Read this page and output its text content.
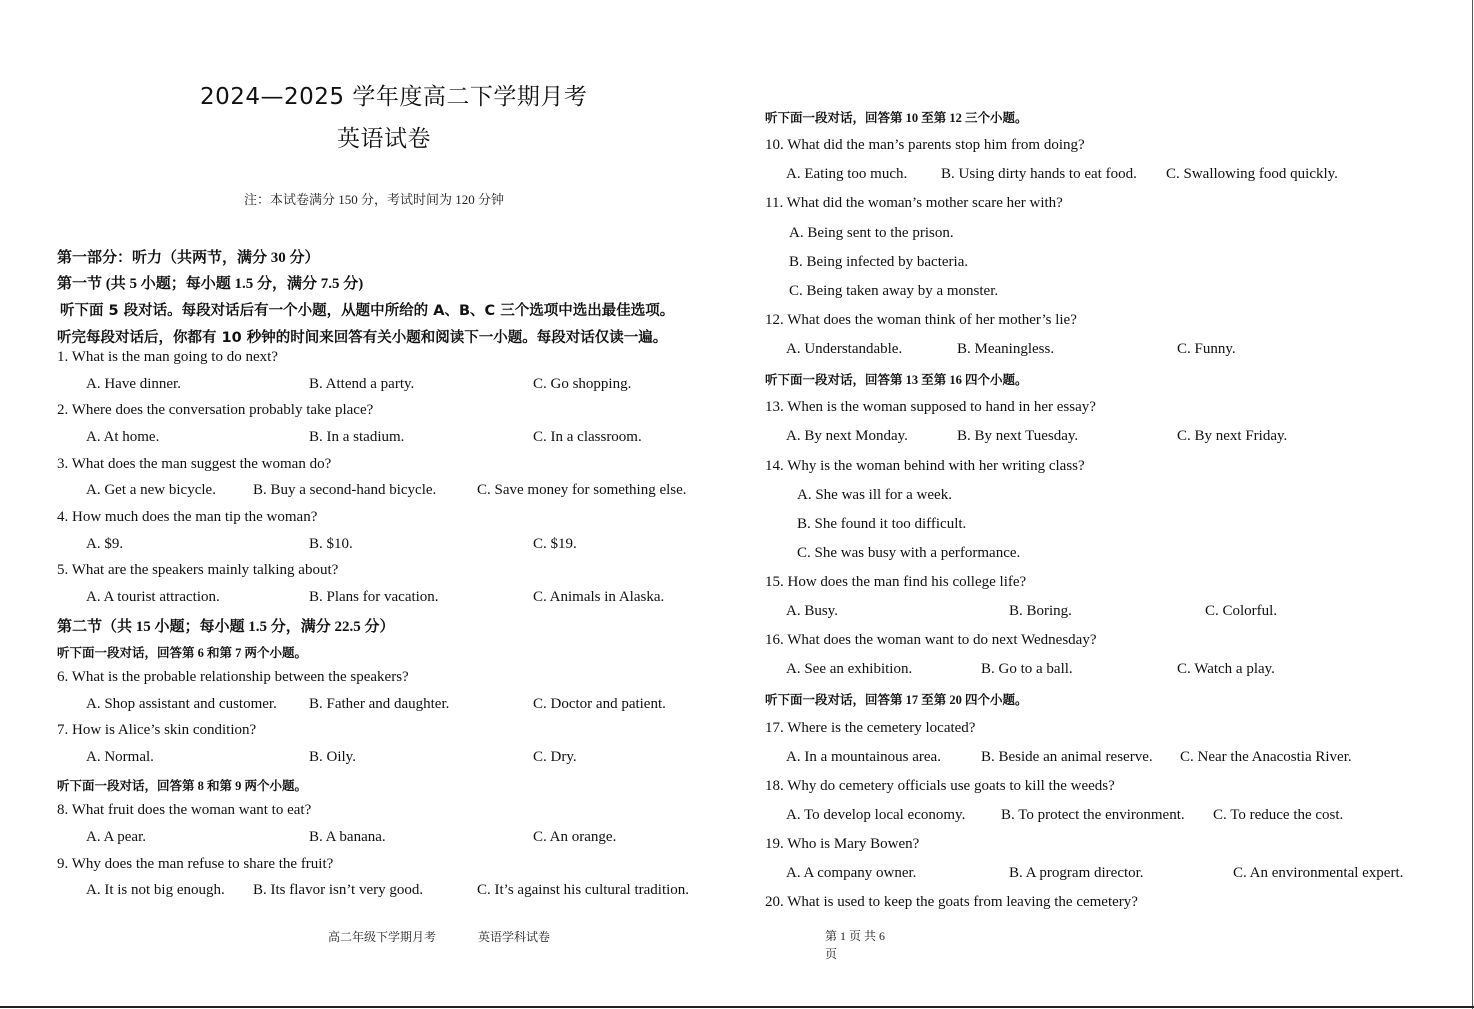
2024—2025 学年度高二下学期月考
英语试卷
注：本试卷满分 150 分，考试时间为 120 分钟
第一部分：听力（共两节，满分 30 分）
第一节 (共 5 小题；每小题 1.5 分，满分 7.5 分)
听下面 5 段对话。每段对话后有一个小题，从题中所给的 A、B、C 三个选项中选出最佳选项。
听完每段对话后，你都有 10 秒钟的时间来回答有关小题和阅读下一小题。每段对话仅读一遍。
1. What is the man going to do next?
A. Have dinner.	B. Attend a party.	C. Go shopping.
2. Where does the conversation probably take place?
A. At home.	B. In a stadium.	C. In a classroom.
3. What does the man suggest the woman do?
A. Get a new bicycle. B. Buy a second-hand bicycle.	C. Save money for something else.
4. How much does the man tip the woman?
A. $9.	B. $10.	C. $19.
5. What are the speakers mainly talking about?
A. A tourist attraction.	B. Plans for vacation.	C. Animals in Alaska.
第二节（共 15 小题；每小题 1.5 分，满分 22.5 分）
听下面一段对话，回答第 6 和第 7 两个小题。
6. What is the probable relationship between the speakers?
A. Shop assistant and customer. B. Father and daughter.	C. Doctor and patient.
7. How is Alice’s skin condition?
A. Normal.	B. Oily.	C. Dry.
听下面一段对话，回答第 8 和第 9 两个小题。
8. What fruit does the woman want to eat?
A. A pear.	B. A banana.	C. An orange.
9. Why does the man refuse to share the fruit?
A. It is not big enough. B. Its flavor isn’t very good.	C. It’s against his cultural tradition.
听下面一段对话，回答第 10 至第 12 三个小题。
10. What did the man’s parents stop him from doing?
A. Eating too much. B. Using dirty hands to eat food. C. Swallowing food quickly.
11. What did the woman’s mother scare her with?
A. Being sent to the prison.
B. Being infected by bacteria.
C. Being taken away by a monster.
12. What does the woman think of her mother’s lie?
A. Understandable.	B. Meaningless.	C. Funny.
听下面一段对话，回答第 13 至第 16 四个小题。
13. When is the woman supposed to hand in her essay?
A. By next Monday.	B. By next Tuesday.	C. By next Friday.
14. Why is the woman behind with her writing class?
A. She was ill for a week.
B. She found it too difficult.
C. She was busy with a performance.
15. How does the man find his college life?
A. Busy.	B. Boring.	C. Colorful.
16. What does the woman want to do next Wednesday?
A. See an exhibition.	B. Go to a ball.	C. Watch a play.
听下面一段对话，回答第 17 至第 20 四个小题。
17. Where is the cemetery located?
A. In a mountainous area.	B. Beside an animal reserve. C. Near the Anacostia River.
18. Why do cemetery officials use goats to kill the weeds?
A. To develop local economy. B. To protect the environment. C. To reduce the cost.
19. Who is Mary Bowen?
A. A company owner.	B. A program director.	C. An environmental expert.
20. What is used to keep the goats from leaving the cemetery?
高二年级下学期月考	英语学科试卷	第 1 页 共 6
页
